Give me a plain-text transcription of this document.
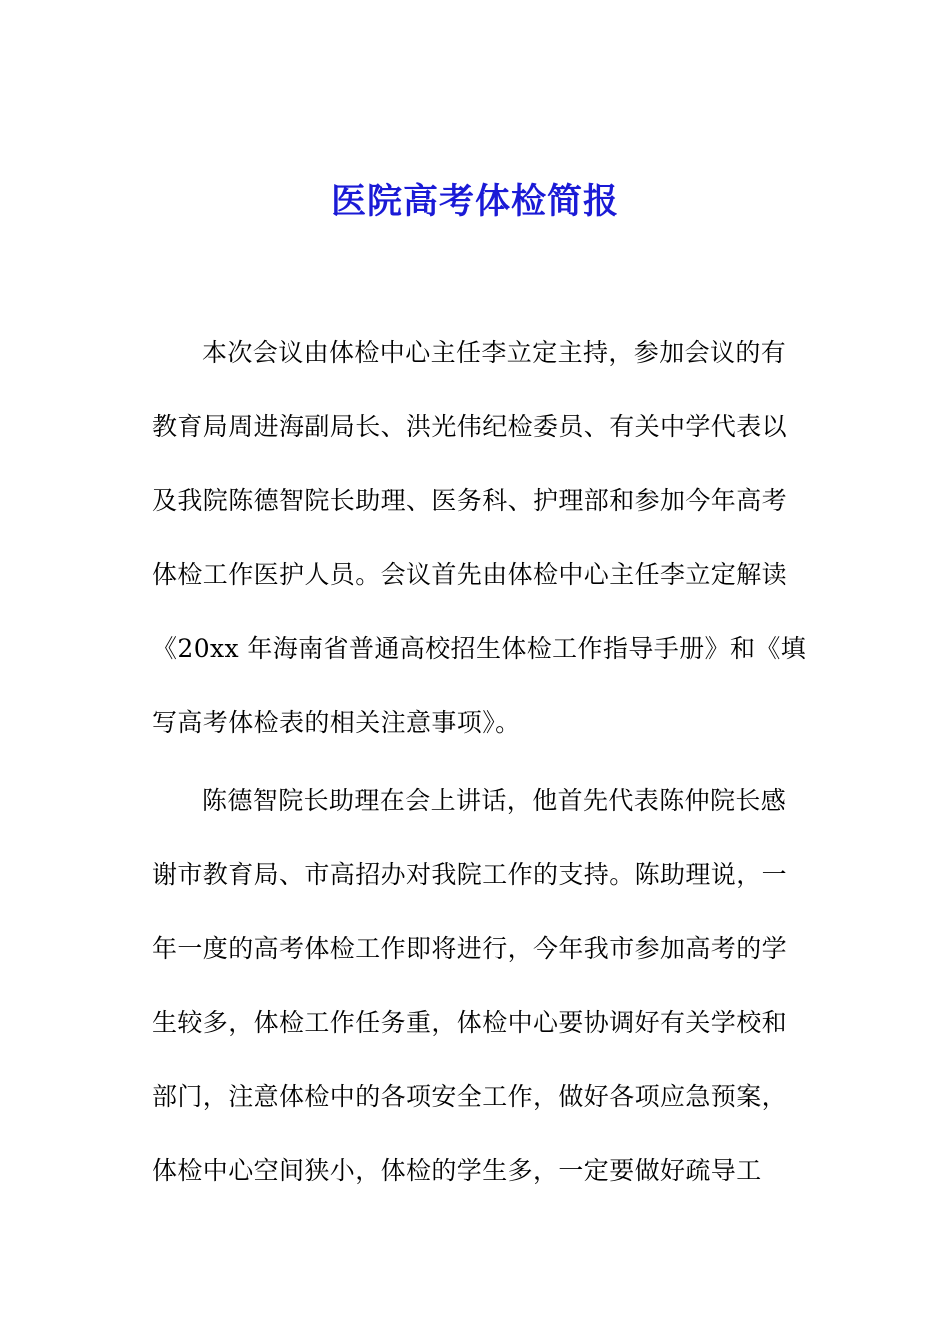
医院高考体检简报
本次会议由体检中心主任李立定主持，参加会议的有
教育局周进海副局长、洪光伟纪检委员、有关中学代表以
及我院陈德智院长助理、医务科、护理部和参加今年高考
体检工作医护人员。会议首先由体检中心主任李立定解读
《20xx 年海南省普通高校招生体检工作指导手册》和《填
写高考体检表的相关注意事项》。
陈德智院长助理在会上讲话，他首先代表陈仲院长感
谢市教育局、市高招办对我院工作的支持。陈助理说，一
年一度的高考体检工作即将进行，今年我市参加高考的学
生较多，体检工作任务重，体检中心要协调好有关学校和
部门，注意体检中的各项安全工作，做好各项应急预案，
体检中心空间狭小，体检的学生多，一定要做好疏导工
